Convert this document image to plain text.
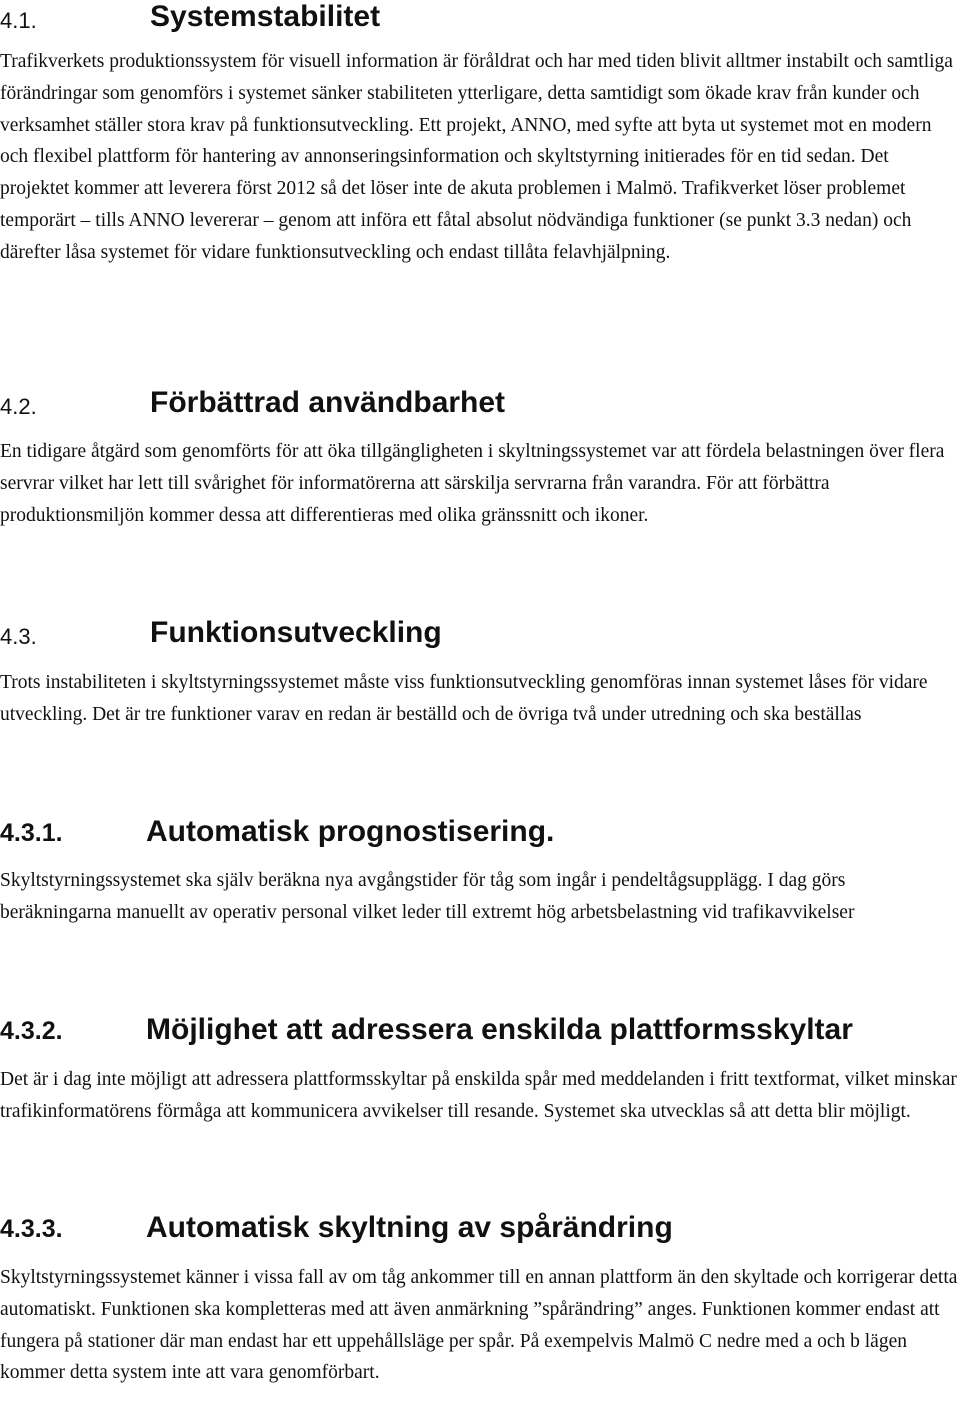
4.1.	Systemstabilitet

Trafikverkets produktionssystem för visuell information är föråldrat och har med tiden blivit alltmer instabilt och samtliga förändringar som genomförs i systemet sänker stabiliteten ytterligare, detta samtidigt som ökade krav från kunder och verksamhet ställer stora krav på funktionsutveckling. Ett projekt, ANNO, med syfte att byta ut systemet mot en modern och flexibel plattform för hantering av annonseringsinformation och skyltstyrning initierades för en tid sedan. Det projektet kommer att leverera först 2012 så det löser inte de akuta problemen i Malmö. Trafikverket löser problemet temporärt – tills ANNO levererar – genom att införa ett fåtal absolut nödvändiga funktioner (se punkt 3.3 nedan) och därefter låsa systemet för vidare funktionsutveckling och endast tillåta felavhjälpning.

4.2.	Förbättrad användbarhet

En tidigare åtgärd som genomförts för att öka tillgängligheten i skyltningssystemet var att fördela belastningen över flera servrar vilket har lett till svårighet för informatörerna att särskilja servrarna från varandra. För att förbättra produktionsmiljön kommer dessa att differentieras med olika gränssnitt och ikoner.

4.3.	Funktionsutveckling

Trots instabiliteten i skyltstyrningssystemet måste viss funktionsutveckling genomföras innan systemet låses för vidare utveckling. Det är tre funktioner varav en redan är beställd och de övriga två under utredning och ska beställas

4.3.1.	Automatisk prognostisering.

Skyltstyrningssystemet ska själv beräkna nya avgångstider för tåg som ingår i pendeltågsupplägg. I dag görs beräkningarna manuellt av operativ personal vilket leder till extremt hög arbetsbelastning vid trafikavvikelser

4.3.2.	Möjlighet att adressera enskilda plattformsskyltar

Det är i dag inte möjligt att adressera plattformsskyltar på enskilda spår med meddelanden i fritt textformat, vilket minskar trafikinformatörens förmåga att kommunicera avvikelser till resande. Systemet ska utvecklas så att detta blir möjligt.

4.3.3.	Automatisk skyltning av spårändring

Skyltstyrningssystemet känner i vissa fall av om tåg ankommer till en annan plattform än den skyltade och korrigerar detta automatiskt. Funktionen ska kompletteras med att även anmärkning ”spårändring” anges. Funktionen kommer endast att fungera på stationer där man endast har ett uppehållsläge per spår. På exempelvis Malmö C nedre med a och b lägen kommer detta system inte att vara genomförbart.
